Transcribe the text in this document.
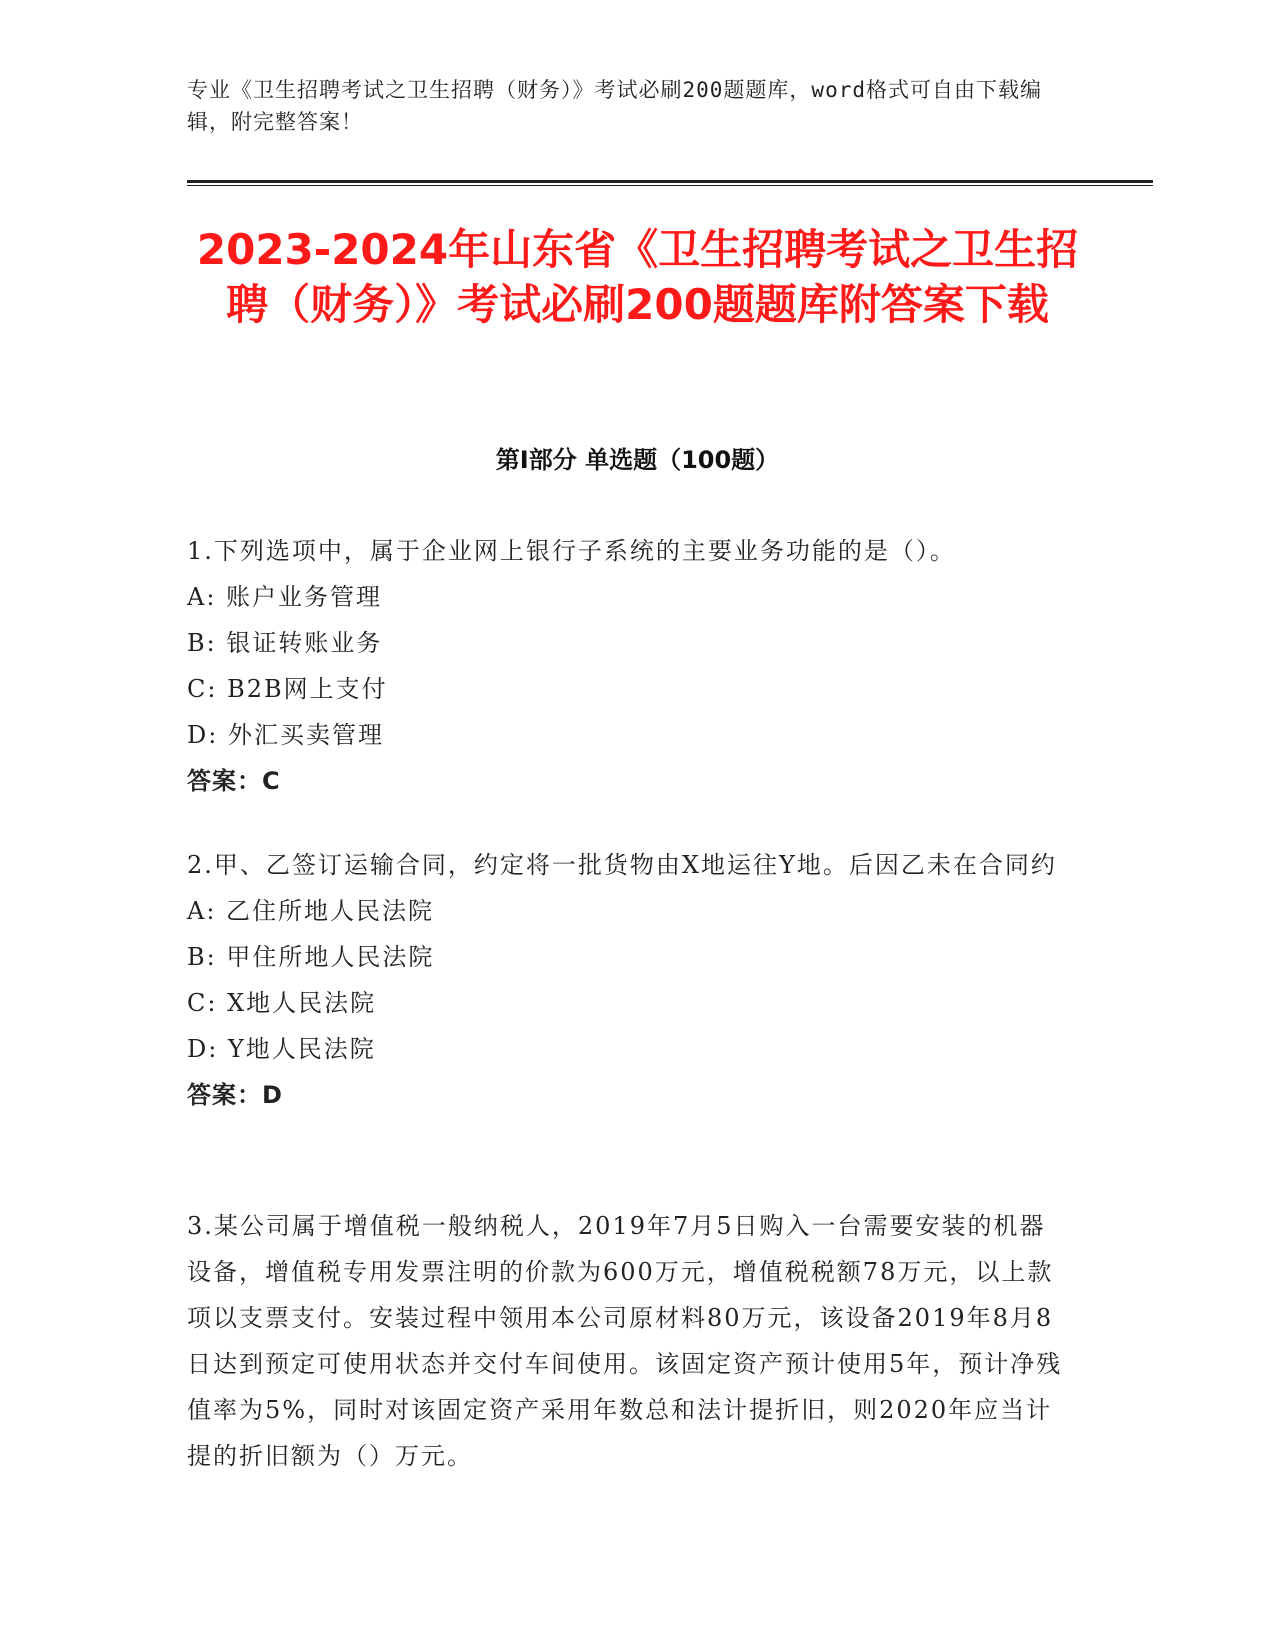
专业《卫生招聘考试之卫生招聘（财务）》考试必刷200题题库，word格式可自由下载编辑，附完整答案！
2023-2024年山东省《卫生招聘考试之卫生招聘（财务）》考试必刷200题题库附答案下载
第I部分 单选题（100题）

1.下列选项中，属于企业网上银行子系统的主要业务功能的是（）。

A: 账户业务管理

B: 银证转账业务

C: B2B网上支付

D: 外汇买卖管理

答案：C

2.甲、乙签订运输合同，约定将一批货物由X地运往Y地。后因乙未在合同约

A: 乙住所地人民法院

B: 甲住所地人民法院

C: X地人民法院

D: Y地人民法院

答案：D

3.某公司属于增值税一般纳税人，2019年7月5日购入一台需要安装的机器设备，增值税专用发票注明的价款为600万元，增值税税额78万元，以上款项以支票支付。安装过程中领用本公司原材料80万元，该设备2019年8月8日达到预定可使用状态并交付车间使用。该固定资产预计使用5年，预计净残值率为5%，同时对该固定资产采用年数总和法计提折旧，则2020年应当计提的折旧额为（）万元。
